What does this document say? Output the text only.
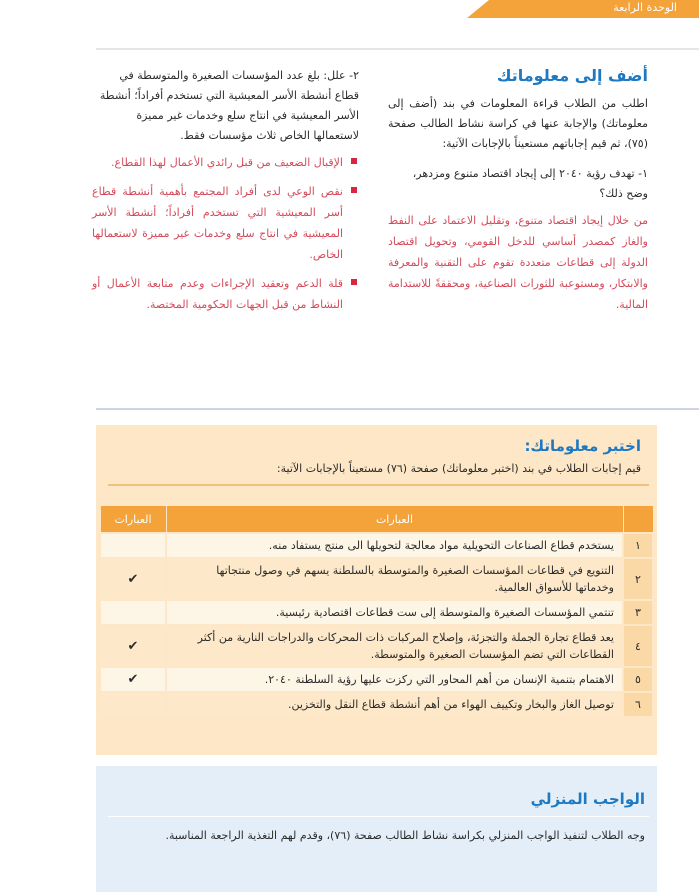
الوحدة الرابعة
أضف إلى معلوماتك

اطلب من الطلاب قراءة المعلومات في بند (أضف إلى معلوماتك) والإجابة عنها في كراسة نشاط الطالب صفحة (٧٥)، ثم قيم إجاباتهم مستعيناً بالإجابات الآتية:

١- تهدف رؤية ٢٠٤٠ إلى إيجاد اقتصاد متنوع ومزدهر، وضح ذلك؟

من خلال إيجاد اقتصاد متنوع، وتقليل الاعتماد على النفط والغاز كمصدر أساسي للدخل القومي، وتحويل اقتصاد الدولة إلى قطاعات متعددة تقوم على التقنية والمعرفة والابتكار، ومستوعبة للثورات الصناعية، ومحققةً للاستدامة المالية.

٢- علل: بلغ عدد المؤسسات الصغيرة والمتوسطة في قطاع أنشطة الأسر المعيشية التي تستخدم أفراداً؛ أنشطة الأسر المعيشية في انتاج سلع وخدمات غير مميزة لاستعمالها الخاص ثلاث مؤسسات فقط.

الإقبال الضعيف من قبل رائدي الأعمال لهذا القطاع.
نقص الوعي لدى أفراد المجتمع بأهمية أنشطة قطاع أسر المعيشية التي تستخدم أفراداً؛ أنشطة الأسر المعيشية في انتاج سلع وخدمات غير مميزة لاستعمالها الخاص.
قلة الدعم وتعقيد الإجراءات وعدم متابعة الأعمال أو النشاط من قبل الجهات الحكومية المختصة.
اختبر معلوماتك:
قيم إجابات الطلاب في بند (اختبر معلوماتك) صفحة (٧٦) مستعيناً بالإجابات الآتية:
	العبارات	العبارات
١	يستخدم قطاع الصناعات التحويلية مواد معالجة لتحويلها الى منتج يستفاد منه.	
٢	التنويع في قطاعات المؤسسات الصغيرة والمتوسطة بالسلطنة يسهم في وصول منتجاتها وخدماتها للأسواق العالمية.	✔
٣	تنتمي المؤسسات الصغيرة والمتوسطة إلى ست قطاعات اقتصادية رئيسية.	
٤	يعد قطاع تجارة الجملة والتجزئة، وإصلاح المركبات ذات المحركات والدراجات النارية من أكثر القطاعات التي تضم المؤسسات الصغيرة والمتوسطة.	✔
٥	الاهتمام بتنمية الإنسان من أهم المحاور التي ركزت عليها رؤية السلطنة ٢٠٤٠.	✔
٦	توصيل الغاز والبخار وتكييف الهواء من أهم أنشطة قطاع النقل والتخزين.	
الواجب المنزلي
وجه الطلاب لتنفيذ الواجب المنزلي بكراسة نشاط الطالب صفحة (٧٦)، وقدم لهم التغذية الراجعة المناسبة.
